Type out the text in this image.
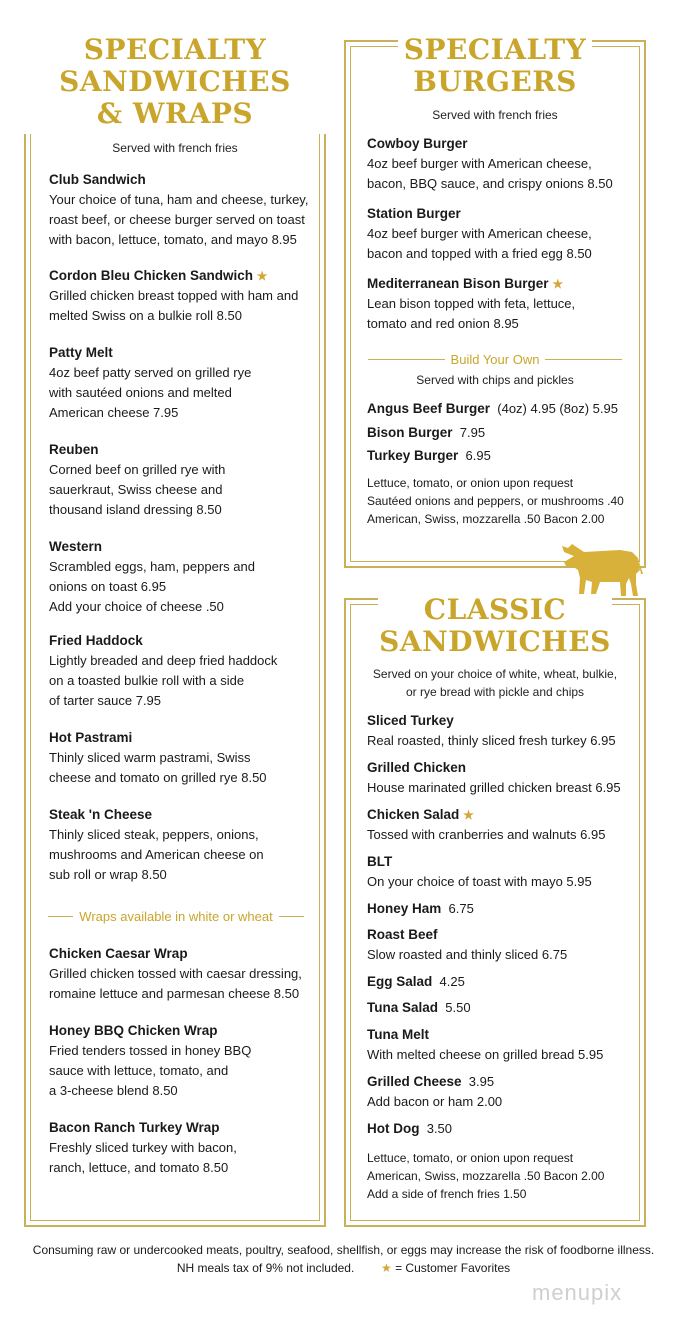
SPECIALTY
SANDWICHES
& WRAPS
Served with french fries
Club Sandwich
Your choice of tuna, ham and cheese, turkey,
roast beef, or cheese burger served on toast
with bacon, lettuce, tomato, and mayo 8.95
Cordon Bleu Chicken Sandwich ★
Grilled chicken breast topped with ham and
melted Swiss on a bulkie roll 8.50
Patty Melt
4oz beef patty served on grilled rye
with sautéed onions and melted
American cheese 7.95
Reuben
Corned beef on grilled rye with
sauerkraut, Swiss cheese and
thousand island dressing 8.50
Western
Scrambled eggs, ham, peppers and
onions on toast 6.95
Add your choice of cheese .50
Fried Haddock
Lightly breaded and deep fried haddock
on a toasted bulkie roll with a side
of tarter sauce 7.95
Hot Pastrami
Thinly sliced warm pastrami, Swiss
cheese and tomato on grilled rye 8.50
Steak 'n Cheese
Thinly sliced steak, peppers, onions,
mushrooms and American cheese on
sub roll or wrap 8.50
Wraps available in white or wheat
Chicken Caesar Wrap
Grilled chicken tossed with caesar dressing,
romaine lettuce and parmesan cheese 8.50
Honey BBQ Chicken Wrap
Fried tenders tossed in honey BBQ
sauce with lettuce, tomato, and
a 3-cheese blend 8.50
Bacon Ranch Turkey Wrap
Freshly sliced turkey with bacon,
ranch, lettuce, and tomato 8.50
SPECIALTY
BURGERS
Served with french fries
Cowboy Burger
4oz beef burger with American cheese,
bacon, BBQ sauce, and crispy onions 8.50
Station Burger
4oz beef burger with American cheese,
bacon and topped with a fried egg 8.50
Mediterranean Bison Burger ★
Lean bison topped with feta, lettuce,
tomato and red onion 8.95
Build Your Own
Served with chips and pickles
Angus Beef Burger (4oz) 4.95 (8oz) 5.95
Bison Burger 7.95
Turkey Burger 6.95
Lettuce, tomato, or onion upon request
Sautéed onions and peppers, or mushrooms .40
American, Swiss, mozzarella .50 Bacon 2.00
CLASSIC
SANDWICHES
Served on your choice of white, wheat, bulkie,
or rye bread with pickle and chips
Sliced Turkey
Real roasted, thinly sliced fresh turkey 6.95
Grilled Chicken
House marinated grilled chicken breast 6.95
Chicken Salad ★
Tossed with cranberries and walnuts 6.95
BLT
On your choice of toast with mayo 5.95
Honey Ham 6.75
Roast Beef
Slow roasted and thinly sliced 6.75
Egg Salad 4.25
Tuna Salad 5.50
Tuna Melt
With melted cheese on grilled bread 5.95
Grilled Cheese 3.95
Add bacon or ham 2.00
Hot Dog 3.50
Lettuce, tomato, or onion upon request
American, Swiss, mozzarella .50 Bacon 2.00
Add a side of french fries 1.50
Consuming raw or undercooked meats, poultry, seafood, shellfish, or eggs may increase the risk of foodborne illness.
NH meals tax of 9% not included. ★ = Customer Favorites
menupix
